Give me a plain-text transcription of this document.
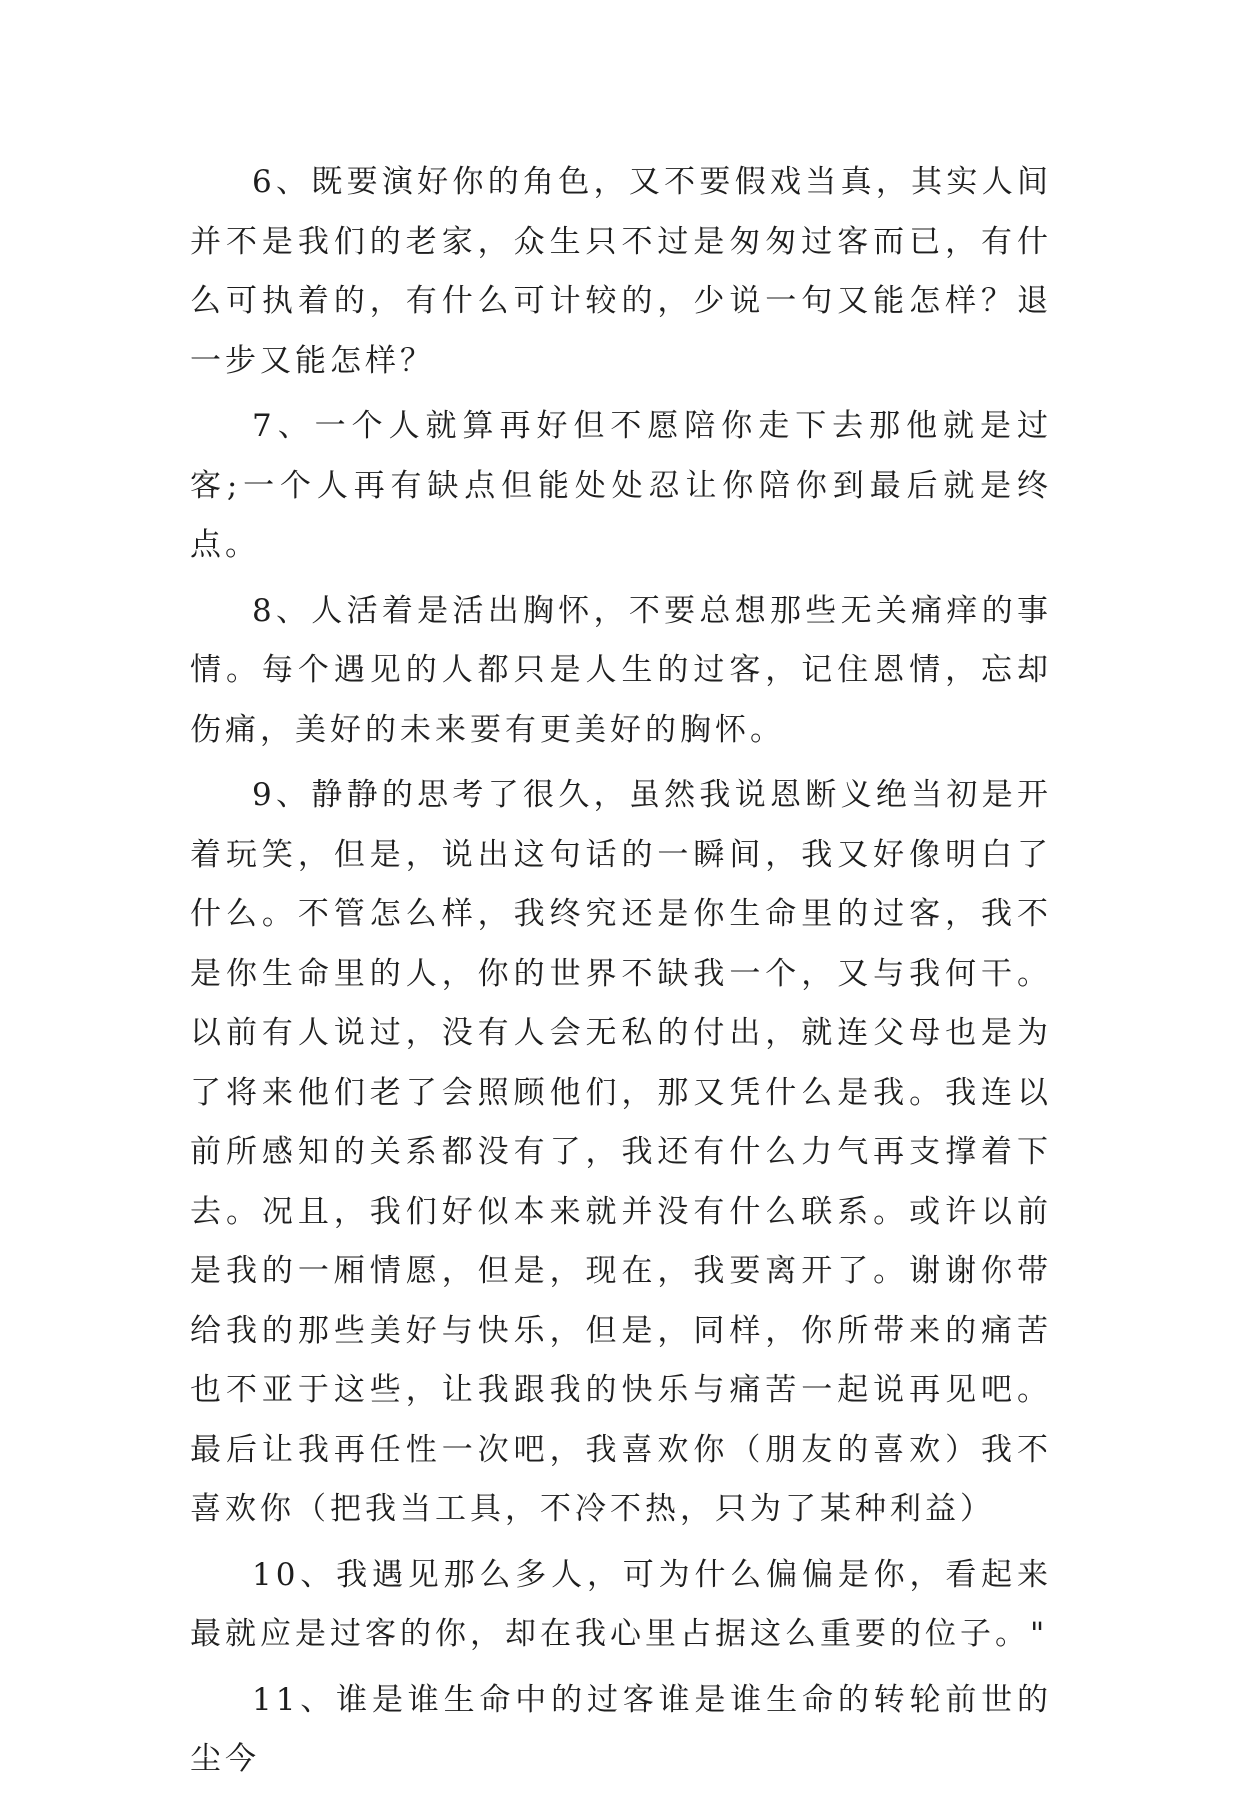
6、既要演好你的角色，又不要假戏当真，其实人间并不是我们的老家，众生只不过是匆匆过客而已，有什么可执着的，有什么可计较的，少说一句又能怎样？退一步又能怎样？

7、一个人就算再好但不愿陪你走下去那他就是过客;一个人再有缺点但能处处忍让你陪你到最后就是终点。

8、人活着是活出胸怀，不要总想那些无关痛痒的事情。每个遇见的人都只是人生的过客，记住恩情，忘却伤痛，美好的未来要有更美好的胸怀。

9、静静的思考了很久，虽然我说恩断义绝当初是开着玩笑，但是，说出这句话的一瞬间，我又好像明白了什么。不管怎么样，我终究还是你生命里的过客，我不是你生命里的人，你的世界不缺我一个，又与我何干。以前有人说过，没有人会无私的付出，就连父母也是为了将来他们老了会照顾他们，那又凭什么是我。我连以前所感知的关系都没有了，我还有什么力气再支撑着下去。况且，我们好似本来就并没有什么联系。或许以前是我的一厢情愿，但是，现在，我要离开了。谢谢你带给我的那些美好与快乐，但是，同样，你所带来的痛苦也不亚于这些，让我跟我的快乐与痛苦一起说再见吧。最后让我再任性一次吧，我喜欢你（朋友的喜欢）我不喜欢你（把我当工具，不冷不热，只为了某种利益）

10、我遇见那么多人，可为什么偏偏是你，看起来最就应是过客的你，却在我心里占据这么重要的位子。"

11、谁是谁生命中的过客谁是谁生命的转轮前世的尘今
